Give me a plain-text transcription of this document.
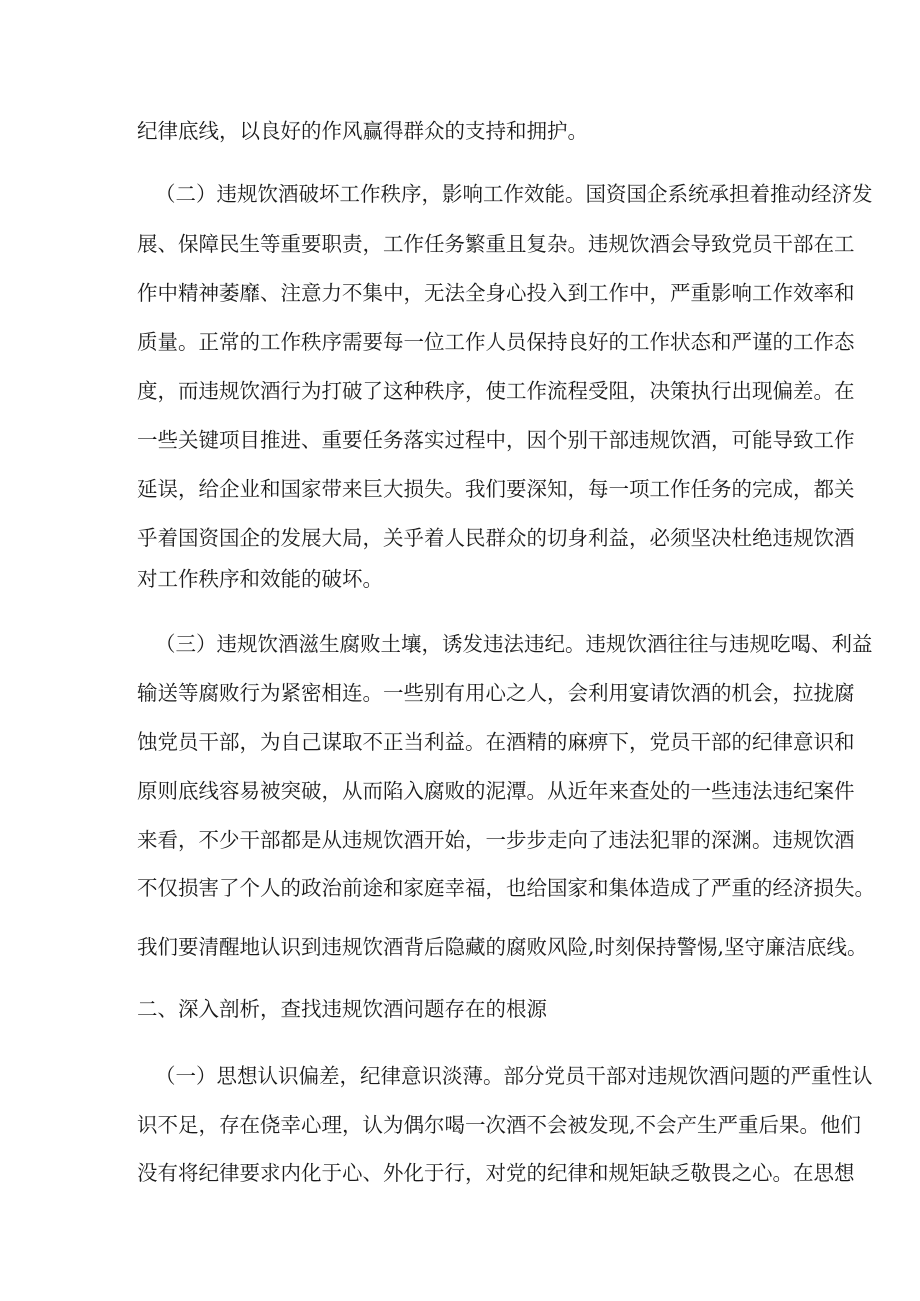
纪律底线，以良好的作风赢得群众的支持和拥护。
（二）违规饮酒破坏工作秩序，影响工作效能。国资国企系统承担着推动经济发
展、保障民生等重要职责，工作任务繁重且复杂。违规饮酒会导致党员干部在工
作中精神萎靡、注意力不集中，无法全身心投入到工作中，严重影响工作效率和
质量。正常的工作秩序需要每一位工作人员保持良好的工作状态和严谨的工作态
度，而违规饮酒行为打破了这种秩序，使工作流程受阻，决策执行出现偏差。在
一些关键项目推进、重要任务落实过程中，因个别干部违规饮酒，可能导致工作
延误，给企业和国家带来巨大损失。我们要深知，每一项工作任务的完成，都关
乎着国资国企的发展大局，关乎着人民群众的切身利益，必须坚决杜绝违规饮酒
对工作秩序和效能的破坏。
（三）违规饮酒滋生腐败土壤，诱发违法违纪。违规饮酒往往与违规吃喝、利益
输送等腐败行为紧密相连。一些别有用心之人，会利用宴请饮酒的机会，拉拢腐
蚀党员干部，为自己谋取不正当利益。在酒精的麻痹下，党员干部的纪律意识和
原则底线容易被突破，从而陷入腐败的泥潭。从近年来查处的一些违法违纪案件
来看，不少干部都是从违规饮酒开始，一步步走向了违法犯罪的深渊。违规饮酒
不仅损害了个人的政治前途和家庭幸福，也给国家和集体造成了严重的经济损失。
我们要清醒地认识到违规饮酒背后隐藏的腐败风险,时刻保持警惕,坚守廉洁底线。
二、深入剖析，查找违规饮酒问题存在的根源
（一）思想认识偏差，纪律意识淡薄。部分党员干部对违规饮酒问题的严重性认
识不足，存在侥幸心理，认为偶尔喝一次酒不会被发现,不会产生严重后果。他们
没有将纪律要求内化于心、外化于行，对党的纪律和规矩缺乏敬畏之心。在思想
